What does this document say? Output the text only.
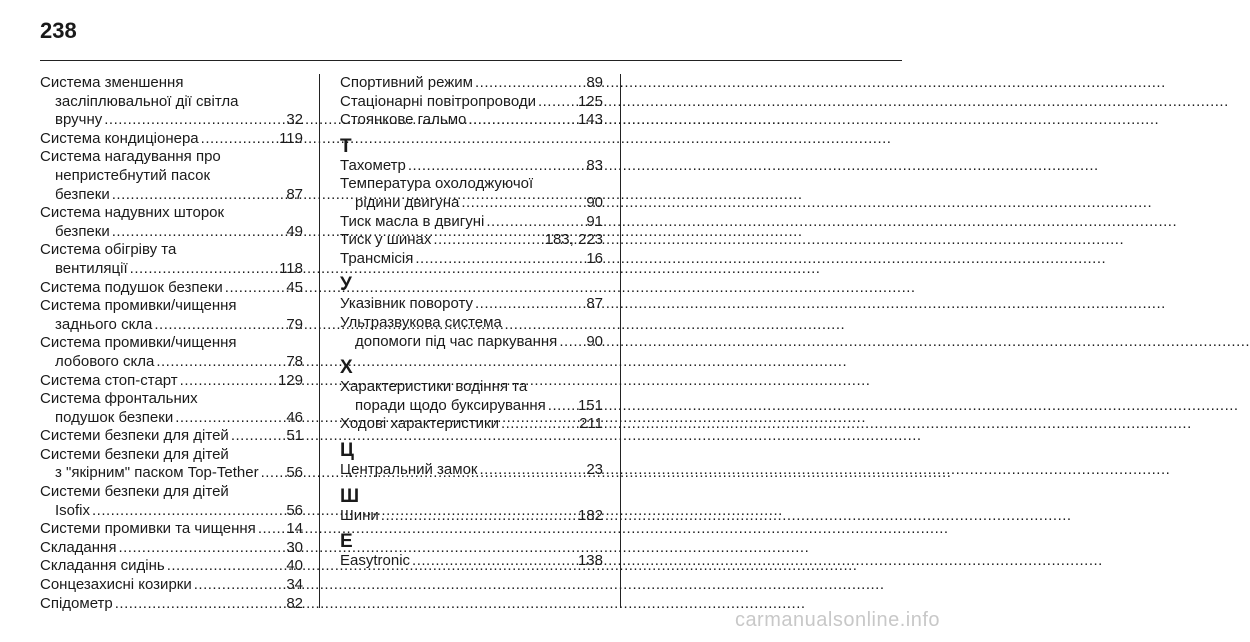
238
Система зменшення
засліплювальної дії світла
вручну .....	32
Система кондиціонера .....	119
Система нагадування про
непристебнутий пасок
безпеки .....	87
Система надувних шторок
безпеки .....	49
Система обігріву та
вентиляції .....	118
Система подушок безпеки .....	45
Система промивки/чищення
заднього скла .....	79
Система промивки/чищення
лобового скла .....	78
Система стоп-старт .....	129
Система фронтальних
подушок безпеки .....	46
Системи безпеки для дітей .....	51
Системи безпеки для дітей
з "якірним" паском Top-Tether ..... 56
Системи безпеки для дітей
Isofix .....	56
Системи промивки та чищення ..... 14
Складання .....	30
Складання сидінь .....	40
Сонцезахисні козирки .....	34
Спідометр .....	82
Спортивний режим .....	89
Стаціонарні повітропроводи .....	125
Стоянкове гальмо .....	143
Т
Тахометр .....	83
Температура охолоджуючої
рідини двигуна .....	90
Тиск масла в двигуні .....	91
Тиск у шинах .....	183, 223
Трансмісія .....	16
У
Указівник повороту .....	87
Ультразвукова система
допомоги під час паркування ..... 90
Х
Характеристики водіння та
поради щодо буксирування ..... 151
Ходові характеристики .....	211
Ц
Центральний замок .....	23
Ш
Шини .....	182
E
Easytronic .....	138
carmanualsonline.info
